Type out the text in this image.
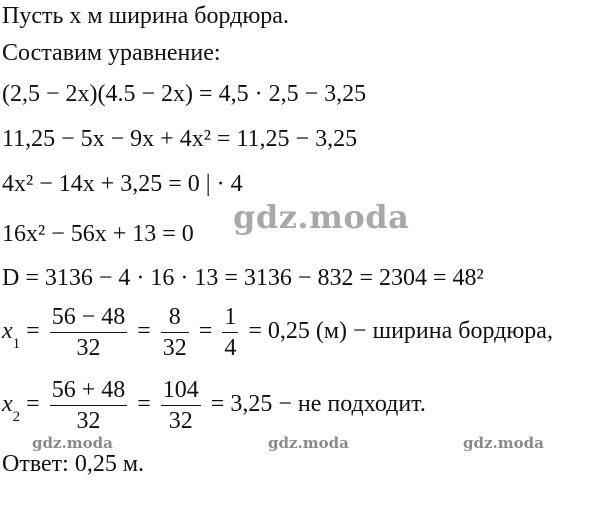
Пусть x м ширина бордюра.
Составим уравнение:
(2,5 − 2x)(4.5 − 2x) = 4,5 · 2,5 − 3,25
11,25 − 5x − 9x + 4x² = 11,25 − 3,25
4x² − 14x + 3,25 = 0 | · 4
16x² − 56x + 13 = 0
D = 3136 − 4 · 16 · 13 = 3136 − 832 = 2304 = 48²
$x_1 = \frac{56 - 48}{32} = \frac{8}{32} = \frac{1}{4} = 0,25$ (м) − ширина бордюра,
$x_2 = \frac{56 + 48}{32} = \frac{104}{32} = 3,25$ − не подходит.
Ответ: 0,25 м.
gdz.moda
gdz.moda	gdz.moda	gdz.moda
